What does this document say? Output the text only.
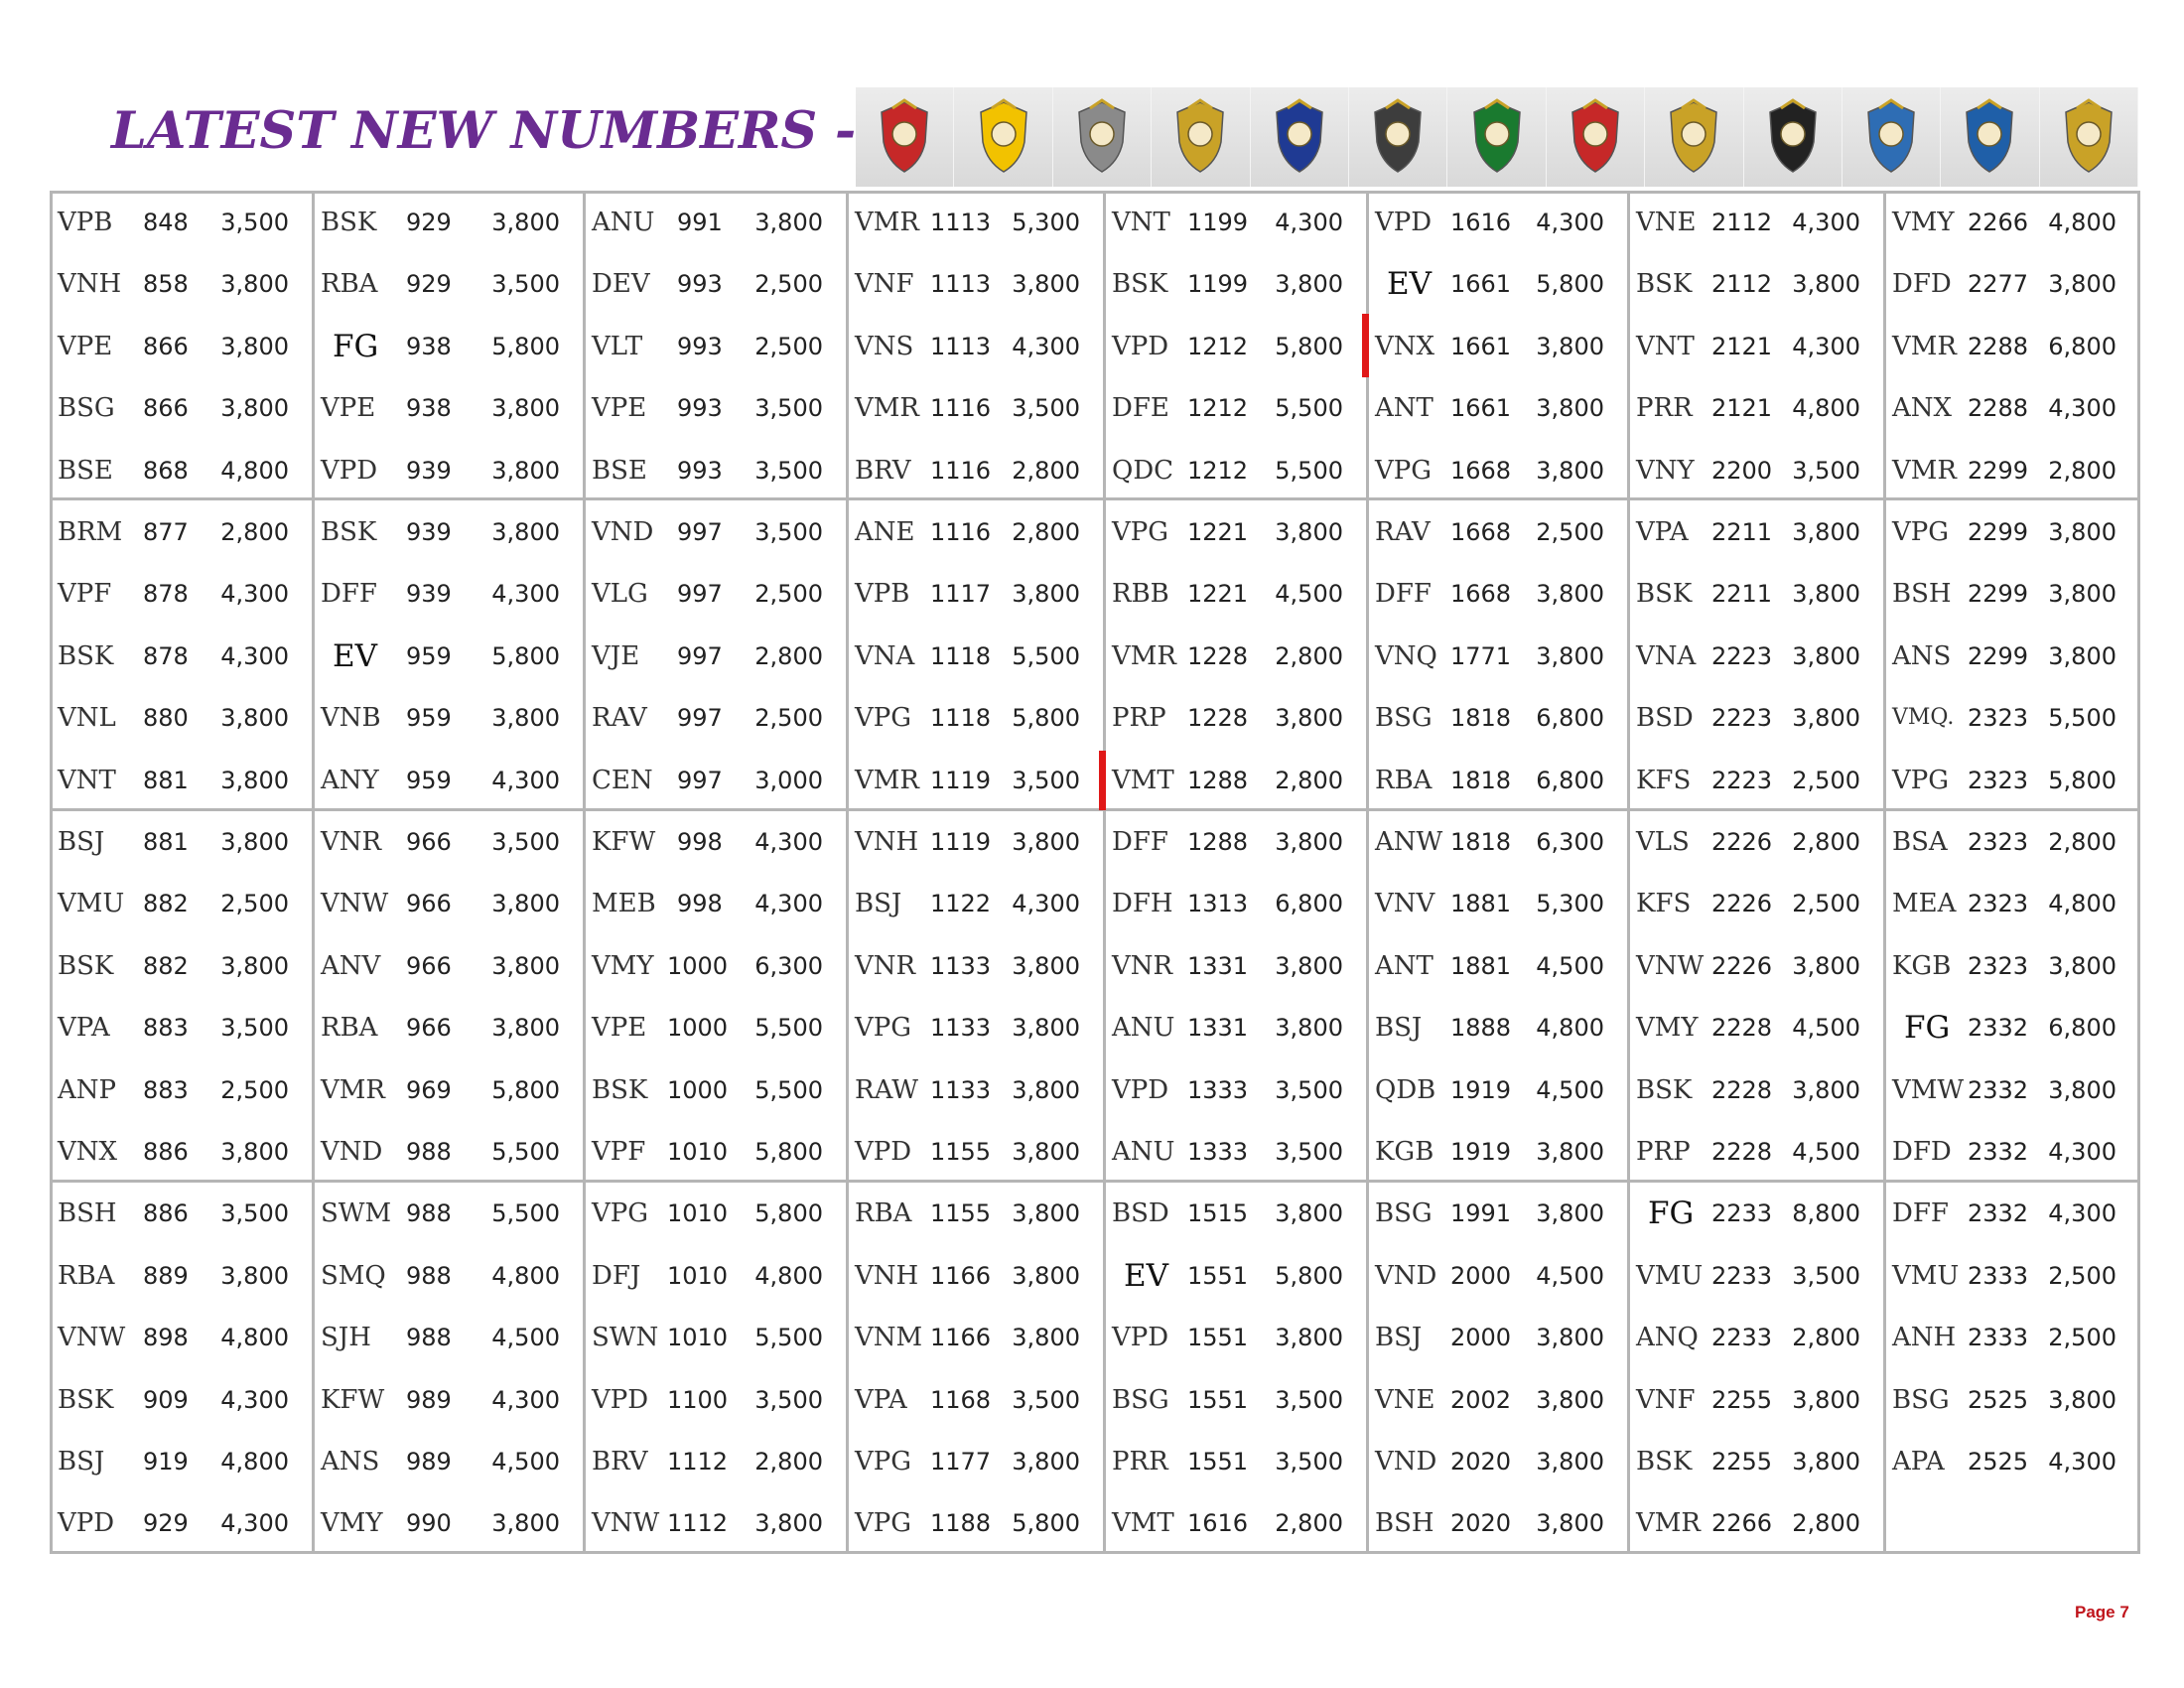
LATEST NEW NUMBERS -
VPB 848 3,500
VNH 858 3,800
VPE 866 3,800
BSG 866 3,800
BSE 868 4,800
BRM 877 2,800
VPF 878 4,300
BSK 878 4,300
VNL 880 3,800
VNT 881 3,800
BSJ 881 3,800
VMU 882 2,500
BSK 882 3,800
VPA 883 3,500
ANP 883 2,500
VNX 886 3,800
BSH 886 3,500
RBA 889 3,800
VNW 898 4,800
BSK 909 4,300
BSJ 919 4,800
VPD 929 4,300
BSK 929 3,800
RBA 929 3,500
FG 938 5,800
VPE 938 3,800
VPD 939 3,800
BSK 939 3,800
DFF 939 4,300
EV 959 5,800
VNB 959 3,800
ANY 959 4,300
VNR 966 3,500
VNW 966 3,800
ANV 966 3,800
RBA 966 3,800
VMR 969 5,800
VND 988 5,500
SWM 988 5,500
SMQ 988 4,800
SJH 988 4,500
KFW 989 4,300
ANS 989 4,500
VMY 990 3,800
ANU 991 3,800
DEV 993 2,500
VLT 993 2,500
VPE 993 3,500
BSE 993 3,500
VND 997 3,500
VLG 997 2,500
VJE 997 2,800
RAV 997 2,500
CEN 997 3,000
KFW 998 4,300
MEB 998 4,300
VMY 1000 6,300
VPE 1000 5,500
BSK 1000 5,500
VPF 1010 5,800
VPG 1010 5,800
DFJ 1010 4,800
SWN 1010 5,500
VPD 1100 3,500
BRV 1112 2,800
VNW 1112 3,800
VMR 1113 5,300
VNF 1113 3,800
VNS 1113 4,300
VMR 1116 3,500
BRV 1116 2,800
ANE 1116 2,800
VPB 1117 3,800
VNA 1118 5,500
VPG 1118 5,800
VMR 1119 3,500
VNH 1119 3,800
BSJ 1122 4,300
VNR 1133 3,800
VPG 1133 3,800
RAW 1133 3,800
VPD 1155 3,800
RBA 1155 3,800
VNH 1166 3,800
VNM 1166 3,800
VPA 1168 3,500
VPG 1177 3,800
VPG 1188 5,800
VNT 1199 4,300
BSK 1199 3,800
VPD 1212 5,800
DFE 1212 5,500
QDC 1212 5,500
VPG 1221 3,800
RBB 1221 4,500
VMR 1228 2,800
PRP 1228 3,800
VMT 1288 2,800
DFF 1288 3,800
DFH 1313 6,800
VNR 1331 3,800
ANU 1331 3,800
VPD 1333 3,500
ANU 1333 3,500
BSD 1515 3,800
EV 1551 5,800
VPD 1551 3,800
BSG 1551 3,500
PRR 1551 3,500
VMT 1616 2,800
VPD 1616 4,300
EV 1661 5,800
VNX 1661 3,800
ANT 1661 3,800
VPG 1668 3,800
RAV 1668 2,500
DFF 1668 3,800
VNQ 1771 3,800
BSG 1818 6,800
RBA 1818 6,800
ANW 1818 6,300
VNV 1881 5,300
ANT 1881 4,500
BSJ 1888 4,800
QDB 1919 4,500
KGB 1919 3,800
BSG 1991 3,800
VND 2000 4,500
BSJ 2000 3,800
VNE 2002 3,800
VND 2020 3,800
BSH 2020 3,800
VNE 2112 4,300
BSK 2112 3,800
VNT 2121 4,300
PRR 2121 4,800
VNY 2200 3,500
VPA 2211 3,800
BSK 2211 3,800
VNA 2223 3,800
BSD 2223 3,800
KFS 2223 2,500
VLS 2226 2,800
KFS 2226 2,500
VNW 2226 3,800
VMY 2228 4,500
BSK 2228 3,800
PRP 2228 4,500
FG 2233 8,800
VMU 2233 3,500
ANQ 2233 2,800
VNF 2255 3,800
BSK 2255 3,800
VMR 2266 2,800
VMY 2266 4,800
DFD 2277 3,800
VMR 2288 6,800
ANX 2288 4,300
VMR 2299 2,800
VPG 2299 3,800
BSH 2299 3,800
ANS 2299 3,800
VMQ. 2323 5,500
VPG 2323 5,800
BSA 2323 2,800
MEA 2323 4,800
KGB 2323 3,800
FG 2332 6,800
VMW 2332 3,800
DFD 2332 4,300
DFF 2332 4,300
VMU 2333 2,500
ANH 2333 2,500
BSG 2525 3,800
APA 2525 4,300
Page 7
